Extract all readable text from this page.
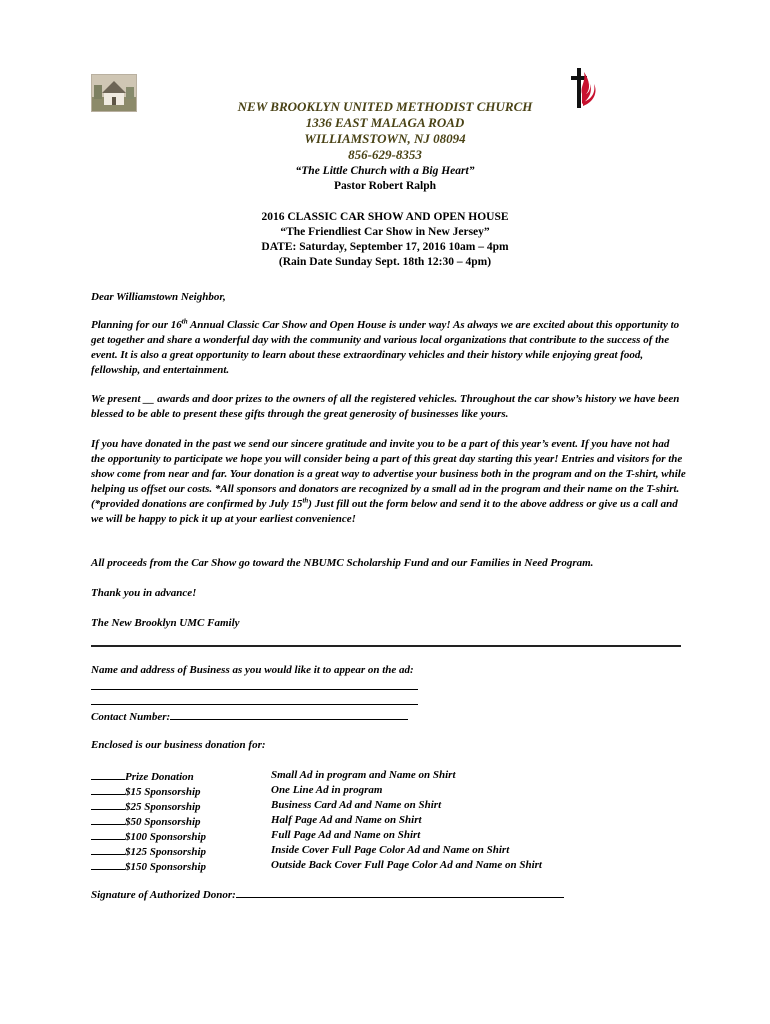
NEW BROOKLYN UNITED METHODIST CHURCH
1336 EAST MALAGA ROAD
WILLIAMSTOWN, NJ 08094
856-629-8353
“The Little Church with a Big Heart”
Pastor Robert Ralph
2016 CLASSIC CAR SHOW AND OPEN HOUSE
“The Friendliest Car Show in New Jersey”
DATE: Saturday, September 17, 2016 10am – 4pm
(Rain Date Sunday Sept. 18th 12:30 – 4pm)

Dear Williamstown Neighbor,

Planning for our 16th Annual Classic Car Show and Open House is under way! As always we are excited about this opportunity to get together and share a wonderful day with the community and various local organizations that contribute to the success of the event. It is also a great opportunity to learn about these extraordinary vehicles and their history while enjoying great food, fellowship, and entertainment.

We present __ awards and door prizes to the owners of all the registered vehicles. Throughout the car show’s history we have been blessed to be able to present these gifts through the great generosity of businesses like yours.

If you have donated in the past we send our sincere gratitude and invite you to be a part of this year’s event. If you have not had the opportunity to participate we hope you will consider being a part of this great day starting this year! Entries and visitors for the show come from near and far. Your donation is a great way to advertise your business both in the program and on the T-shirt, while helping us offset our costs. *All sponsors and donators are recognized by a small ad in the program and their name on the T-shirt. (*provided donations are confirmed by July 15th) Just fill out the form below and send it to the above address or give us a call and we will be happy to pick it up at your earliest convenience!

All proceeds from the Car Show go toward the NBUMC Scholarship Fund and our Families in Need Program.

Thank you in advance!

The New Brooklyn UMC Family

Name and address of Business as you would like it to appear on the ad:
Contact Number:
Enclosed is our business donation for:
Prize Donation	Small Ad in program and Name on Shirt
$15 Sponsorship	One Line Ad in program
$25 Sponsorship	Business Card Ad and Name on Shirt
$50 Sponsorship	Half Page Ad and Name on Shirt
$100 Sponsorship	Full Page Ad and Name on Shirt
$125 Sponsorship	Inside Cover Full Page Color Ad and Name on Shirt
$150 Sponsorship	Outside Back Cover Full Page Color Ad and Name on Shirt
Signature of Authorized Donor:
